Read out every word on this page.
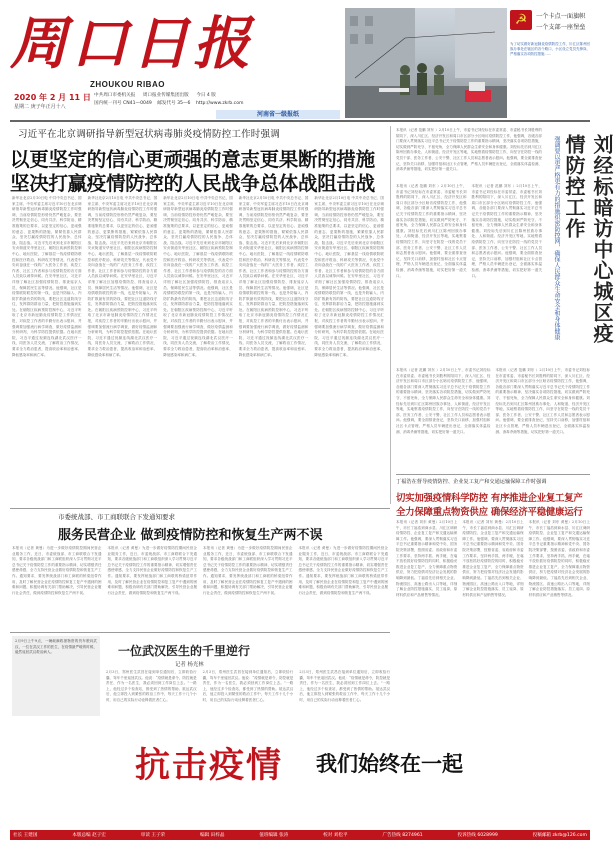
周口日报
ZHOUKOU RIBAO
2020 年 2 月 11 日
星期二 庚子年正月十八
中共周口市委机关报 周口报业传媒集团出版 今日 4 版
国内统一刊号 CN41—0049 邮发代号 35—6 http://www.zkrb.com
河南省一级报纸
☭	一个卡点一面旗帜
一个支部一座堡垒
为了切实做好新冠肺炎疫情防控工作，川汇区陈州回族办事处在辖区的各个路口、小区设立党员先锋岗，严格落实各项防控措施……
习近平在北京调研指导新型冠状病毒肺炎疫情防控工作时强调
以更坚定的信心更顽强的意志更果断的措施
坚决打赢疫情防控的人民战争总体战阻击战
新华社北京2月10日电 中共中央总书记、国家主席、中央军委主席习近平10日在北京调研指导新型冠状病毒肺炎疫情防控工作时强调，当前疫情防控形势仍然严峻复杂，要坚决贯彻坚定信心、同舟共济、科学防治、精准施策的总要求，以更坚定的信心、更顽强的意志、更果断的措施，紧紧依靠人民群众，坚决打赢疫情防控的人民战争、总体战、阻击战。习近平先后来到北京市朝阳区安贞街道安华里社区、朝阳区疾病预防控制中心、地坛医院，了解基层一线疫情联防联控和医疗救治、科研攻关等情况，代表党中央向奋战在一线的广大医务工作者、疾控工作者、社区工作者和参与疫情防控的各方面人员致以诚挚问候。在安华里社区，习近平详细了解社区加强疫情防控、排查返京人员、保障居民生活等情况。他强调，社区是疫情联防联控的第一线，也是外防输入、内防扩散最有效的防线，要把社区这道防线守住，发挥群防群治力量，把防控措施落到实处。在朝阳区疾病预防控制中心，习近平听取了北京市新冠肺炎疫情防控工作情况汇报，对疾控工作者的辛勤付出表示慰问，并强调要加强流行病学调查，做好疫情监测和分析研判，为科学防控提供依据。在地坛医院，习近平通过视频连线湖北武汉医疗一线，同医务人员交流，了解救治工作情况，要求全力救治患者，提高收治率和治愈率、降低感染率和病亡率。
新华社北京2月10日电 中共中央总书记、国家主席、中央军委主席习近平10日在北京调研指导新型冠状病毒肺炎疫情防控工作时强调，当前疫情防控形势仍然严峻复杂，要坚决贯彻坚定信心、同舟共济、科学防治、精准施策的总要求，以更坚定的信心、更顽强的意志、更果断的措施，紧紧依靠人民群众，坚决打赢疫情防控的人民战争、总体战、阻击战。习近平先后来到北京市朝阳区安贞街道安华里社区、朝阳区疾病预防控制中心、地坛医院，了解基层一线疫情联防联控和医疗救治、科研攻关等情况，代表党中央向奋战在一线的广大医务工作者、疾控工作者、社区工作者和参与疫情防控的各方面人员致以诚挚问候。在安华里社区，习近平详细了解社区加强疫情防控、排查返京人员、保障居民生活等情况。他强调，社区是疫情联防联控的第一线，也是外防输入、内防扩散最有效的防线，要把社区这道防线守住，发挥群防群治力量，把防控措施落到实处。在朝阳区疾病预防控制中心，习近平听取了北京市新冠肺炎疫情防控工作情况汇报，对疾控工作者的辛勤付出表示慰问，并强调要加强流行病学调查，做好疫情监测和分析研判，为科学防控提供依据。在地坛医院，习近平通过视频连线湖北武汉医疗一线，同医务人员交流，了解救治工作情况，要求全力救治患者，提高收治率和治愈率、降低感染率和病亡率。
新华社北京2月10日电 中共中央总书记、国家主席、中央军委主席习近平10日在北京调研指导新型冠状病毒肺炎疫情防控工作时强调，当前疫情防控形势仍然严峻复杂，要坚决贯彻坚定信心、同舟共济、科学防治、精准施策的总要求，以更坚定的信心、更顽强的意志、更果断的措施，紧紧依靠人民群众，坚决打赢疫情防控的人民战争、总体战、阻击战。习近平先后来到北京市朝阳区安贞街道安华里社区、朝阳区疾病预防控制中心、地坛医院，了解基层一线疫情联防联控和医疗救治、科研攻关等情况，代表党中央向奋战在一线的广大医务工作者、疾控工作者、社区工作者和参与疫情防控的各方面人员致以诚挚问候。在安华里社区，习近平详细了解社区加强疫情防控、排查返京人员、保障居民生活等情况。他强调，社区是疫情联防联控的第一线，也是外防输入、内防扩散最有效的防线，要把社区这道防线守住，发挥群防群治力量，把防控措施落到实处。在朝阳区疾病预防控制中心，习近平听取了北京市新冠肺炎疫情防控工作情况汇报，对疾控工作者的辛勤付出表示慰问，并强调要加强流行病学调查，做好疫情监测和分析研判，为科学防控提供依据。在地坛医院，习近平通过视频连线湖北武汉医疗一线，同医务人员交流，了解救治工作情况，要求全力救治患者，提高收治率和治愈率、降低感染率和病亡率。
新华社北京2月10日电 中共中央总书记、国家主席、中央军委主席习近平10日在北京调研指导新型冠状病毒肺炎疫情防控工作时强调，当前疫情防控形势仍然严峻复杂，要坚决贯彻坚定信心、同舟共济、科学防治、精准施策的总要求，以更坚定的信心、更顽强的意志、更果断的措施，紧紧依靠人民群众，坚决打赢疫情防控的人民战争、总体战、阻击战。习近平先后来到北京市朝阳区安贞街道安华里社区、朝阳区疾病预防控制中心、地坛医院，了解基层一线疫情联防联控和医疗救治、科研攻关等情况，代表党中央向奋战在一线的广大医务工作者、疾控工作者、社区工作者和参与疫情防控的各方面人员致以诚挚问候。在安华里社区，习近平详细了解社区加强疫情防控、排查返京人员、保障居民生活等情况。他强调，社区是疫情联防联控的第一线，也是外防输入、内防扩散最有效的防线，要把社区这道防线守住，发挥群防群治力量，把防控措施落到实处。在朝阳区疾病预防控制中心，习近平听取了北京市新冠肺炎疫情防控工作情况汇报，对疾控工作者的辛勤付出表示慰问，并强调要加强流行病学调查，做好疫情监测和分析研判，为科学防控提供依据。在地坛医院，习近平通过视频连线湖北武汉医疗一线，同医务人员交流，了解救治工作情况，要求全力救治患者，提高收治率和治愈率、降低感染率和病亡率。
新华社北京2月10日电 中共中央总书记、国家主席、中央军委主席习近平10日在北京调研指导新型冠状病毒肺炎疫情防控工作时强调，当前疫情防控形势仍然严峻复杂，要坚决贯彻坚定信心、同舟共济、科学防治、精准施策的总要求，以更坚定的信心、更顽强的意志、更果断的措施，紧紧依靠人民群众，坚决打赢疫情防控的人民战争、总体战、阻击战。习近平先后来到北京市朝阳区安贞街道安华里社区、朝阳区疾病预防控制中心、地坛医院，了解基层一线疫情联防联控和医疗救治、科研攻关等情况，代表党中央向奋战在一线的广大医务工作者、疾控工作者、社区工作者和参与疫情防控的各方面人员致以诚挚问候。在安华里社区，习近平详细了解社区加强疫情防控、排查返京人员、保障居民生活等情况。他强调，社区是疫情联防联控的第一线，也是外防输入、内防扩散最有效的防线，要把社区这道防线守住，发挥群防群治力量，把防控措施落到实处。在朝阳区疾病预防控制中心，习近平听取了北京市新冠肺炎疫情防控工作情况汇报，对疾控工作者的辛勤付出表示慰问，并强调要加强流行病学调查，做好疫情监测和分析研判，为科学防控提供依据。在地坛医院，习近平通过视频连线湖北武汉医疗一线，同医务人员交流，了解救治工作情况，要求全力救治患者，提高收治率和治愈率、降低感染率和病亡率。
本报讯（记者 范鹏 刘东 ）2月10日上午，市委书记刘经标在市委常委、市委秘书长刘胜利的陪同下，深入川汇区、经济开发区和周口市区部分小区暗访疫情防控工作，他强调，各级各部门要深入贯彻落实习近平总书记关于疫情防控工作的重要指示精神，坚决落实各项防控措施，切实做到严防死守、不留死角，全力保障人民群众生命安全和身体健康。刘经标先后到川汇区陈州回族办事处、人和街道、经济开发区等地，实地察看疫情防控工作，向坚守在防控一线的党员干部、医务工作者、公安干警、社区工作人员和志愿者表示慰问。他强调，要全面排查登记，坚持关口前移，加强村组和社区卡点管理，严格人员车辆进出登记，全面落实体温检测、消毒杀菌等措施，切实把好第一道关口。	刘经标暗访中心城区疫情防控工作
强调要以更严格更有力的措施织密防控网，确保人民群众生命安全和身体健康
本报讯（记者 范鹏 刘东 ）2月10日上午，市委书记刘经标在市委常委、市委秘书长刘胜利的陪同下，深入川汇区、经济开发区和周口市区部分小区暗访疫情防控工作，他强调，各级各部门要深入贯彻落实习近平总书记关于疫情防控工作的重要指示精神，坚决落实各项防控措施，切实做到严防死守、不留死角，全力保障人民群众生命安全和身体健康。刘经标先后到川汇区陈州回族办事处、人和街道、经济开发区等地，实地察看疫情防控工作，向坚守在防控一线的党员干部、医务工作者、公安干警、社区工作人员和志愿者表示慰问。他强调，要全面排查登记，坚持关口前移，加强村组和社区卡点管理，严格人员车辆进出登记，全面落实体温检测、消毒杀菌等措施，切实把好第一道关口。
本报讯（记者 范鹏 刘东 ）2月10日上午，市委书记刘经标在市委常委、市委秘书长刘胜利的陪同下，深入川汇区、经济开发区和周口市区部分小区暗访疫情防控工作，他强调，各级各部门要深入贯彻落实习近平总书记关于疫情防控工作的重要指示精神，坚决落实各项防控措施，切实做到严防死守、不留死角，全力保障人民群众生命安全和身体健康。刘经标先后到川汇区陈州回族办事处、人和街道、经济开发区等地，实地察看疫情防控工作，向坚守在防控一线的党员干部、医务工作者、公安干警、社区工作人员和志愿者表示慰问。他强调，要全面排查登记，坚持关口前移，加强村组和社区卡点管理，严格人员车辆进出登记，全面落实体温检测、消毒杀菌等措施，切实把好第一道关口。
本报讯（记者 范鹏 刘东 ）2月10日上午，市委书记刘经标在市委常委、市委秘书长刘胜利的陪同下，深入川汇区、经济开发区和周口市区部分小区暗访疫情防控工作，他强调，各级各部门要深入贯彻落实习近平总书记关于疫情防控工作的重要指示精神，坚决落实各项防控措施，切实做到严防死守、不留死角，全力保障人民群众生命安全和身体健康。刘经标先后到川汇区陈州回族办事处、人和街道、经济开发区等地，实地察看疫情防控工作，向坚守在防控一线的党员干部、医务工作者、公安干警、社区工作人员和志愿者表示慰问。他强调，要全面排查登记，坚持关口前移，加强村组和社区卡点管理，严格人员车辆进出登记，全面落实体温检测、消毒杀菌等措施，切实把好第一道关口。
本报讯（记者 范鹏 刘东 ）2月10日上午，市委书记刘经标在市委常委、市委秘书长刘胜利的陪同下，深入川汇区、经济开发区和周口市区部分小区暗访疫情防控工作，他强调，各级各部门要深入贯彻落实习近平总书记关于疫情防控工作的重要指示精神，坚决落实各项防控措施，切实做到严防死守、不留死角，全力保障人民群众生命安全和身体健康。刘经标先后到川汇区陈州回族办事处、人和街道、经济开发区等地，实地察看疫情防控工作，向坚守在防控一线的党员干部、医务工作者、公安干警、社区工作人员和志愿者表示慰问。他强调，要全面排查登记，坚持关口前移，加强村组和社区卡点管理，严格人员车辆进出登记，全面落实体温检测、消毒杀菌等措施，切实把好第一道关口。
丁福浩在督导疫情防控、企业复工复产和交通运输保障工作时强调
切实加强疫情科学防控 有序推进企业复工复产
全力保障重点物资供应 确保经济平稳健康运行
本报讯（记者 刘东 黄曼）2月10日上午，市长丁福浩到商水县、川汇区调研疫情防控、企业复工复产和交通运输保障工作。他强调，要深入贯彻落实习近平总书记重要指示精神和党中央、国务院决策部署，按照省委、省政府和市委工作要求，坚持两手抓、两手硬，在毫不放松抓好疫情防控的同时，积极稳妥推进企业复工复产，全力保障重点物资供应，努力把疫情对经济社会发展的影响降到最低。丁福浩先后到相关企业、物流园区、高速公路出入口等地，详细了解企业防控措施落实、员工返岗、原材料供应和产品销售等情况。
本报讯（记者 刘东 黄曼）2月10日上午，市长丁福浩到商水县、川汇区调研疫情防控、企业复工复产和交通运输保障工作。他强调，要深入贯彻落实习近平总书记重要指示精神和党中央、国务院决策部署，按照省委、省政府和市委工作要求，坚持两手抓、两手硬，在毫不放松抓好疫情防控的同时，积极稳妥推进企业复工复产，全力保障重点物资供应，努力把疫情对经济社会发展的影响降到最低。丁福浩先后到相关企业、物流园区、高速公路出入口等地，详细了解企业防控措施落实、员工返岗、原材料供应和产品销售等情况。
本报讯（记者 刘东 黄曼）2月10日上午，市长丁福浩到商水县、川汇区调研疫情防控、企业复工复产和交通运输保障工作。他强调，要深入贯彻落实习近平总书记重要指示精神和党中央、国务院决策部署，按照省委、省政府和市委工作要求，坚持两手抓、两手硬，在毫不放松抓好疫情防控的同时，积极稳妥推进企业复工复产，全力保障重点物资供应，努力把疫情对经济社会发展的影响降到最低。丁福浩先后到相关企业、物流园区、高速公路出入口等地，详细了解企业防控措施落实、员工返岗、原材料供应和产品销售等情况。
市委统战部、市工商联联合下发通知要求
服务民营企业 做到疫情防控和恢复生产两不误
本报讯（记者 黄曼）为进一步做好疫情防控期间民营企业服务工作，近日，市委统战部、市工商联联合下发通知，要求各级统战部门和工商联组织深入学习贯彻习近平总书记关于疫情防控工作的重要指示精神，切实增强责任感使命感，全力支持民营企业做好疫情防控和恢复生产工作。通知要求，要发挥统战部门和工商联的桥梁纽带作用，及时了解民营企业在疫情防控和复工复产中遇到的困难和问题，积极协调有关部门帮助解决，引导民营企业履行社会责任，做到疫情防控和恢复生产两不误。
本报讯（记者 黄曼）为进一步做好疫情防控期间民营企业服务工作，近日，市委统战部、市工商联联合下发通知，要求各级统战部门和工商联组织深入学习贯彻习近平总书记关于疫情防控工作的重要指示精神，切实增强责任感使命感，全力支持民营企业做好疫情防控和恢复生产工作。通知要求，要发挥统战部门和工商联的桥梁纽带作用，及时了解民营企业在疫情防控和复工复产中遇到的困难和问题，积极协调有关部门帮助解决，引导民营企业履行社会责任，做到疫情防控和恢复生产两不误。
本报讯（记者 黄曼）为进一步做好疫情防控期间民营企业服务工作，近日，市委统战部、市工商联联合下发通知，要求各级统战部门和工商联组织深入学习贯彻习近平总书记关于疫情防控工作的重要指示精神，切实增强责任感使命感，全力支持民营企业做好疫情防控和恢复生产工作。通知要求，要发挥统战部门和工商联的桥梁纽带作用，及时了解民营企业在疫情防控和复工复产中遇到的困难和问题，积极协调有关部门帮助解决，引导民营企业履行社会责任，做到疫情防控和恢复生产两不误。
本报讯（记者 黄曼）为进一步做好疫情防控期间民营企业服务工作，近日，市委统战部、市工商联联合下发通知，要求各级统战部门和工商联组织深入学习贯彻习近平总书记关于疫情防控工作的重要指示精神，切实增强责任感使命感，全力支持民营企业做好疫情防控和恢复生产工作。通知要求，要发挥统战部门和工商联的桥梁纽带作用，及时了解民营企业在疫情防控和复工复产中遇到的困难和问题，积极协调有关部门帮助解决，引导民营企业履行社会责任，做到疫情防控和恢复生产两不误。
2月9日上午9点，一辆载满救援物资的货车驶向武汉，一位在武汉工作的医生，在疫情最严峻的时候，毅然返回武汉救治病人。	一位武汉医生的千里逆行
记者 杨光林
2月3日，郑州医生武昌在接到单位通知后，立即收拾行囊，驾车千里返回武汉。他说：“疫情就是命令，防控就是责任，作为一名医生，我必须回到工作岗位上去。”一路上，他经过多个检查站，都受到了热情的帮助。抵达武汉后，他立即投入到紧张的救治工作中，每天工作十几个小时，用自己的实际行动诠释着医者仁心。
2月3日，郑州医生武昌在接到单位通知后，立即收拾行囊，驾车千里返回武汉。他说：“疫情就是命令，防控就是责任，作为一名医生，我必须回到工作岗位上去。”一路上，他经过多个检查站，都受到了热情的帮助。抵达武汉后，他立即投入到紧张的救治工作中，每天工作十几个小时，用自己的实际行动诠释着医者仁心。
2月3日，郑州医生武昌在接到单位通知后，立即收拾行囊，驾车千里返回武汉。他说：“疫情就是命令，防控就是责任，作为一名医生，我必须回到工作岗位上去。”一路上，他经过多个检查站，都受到了热情的帮助。抵达武汉后，他立即投入到紧张的救治工作中，每天工作十几个小时，用自己的实际行动诠释着医者仁心。
抗击疫情 我们始终在一起
社长 王建国	本版总编 赵子宏	审读 王子荣	编辑 田梓晶	值班编辑 张涛	校对 刘松平	广告热线 8274961	投诉热线 6028999	投稿邮箱 zkrb@126.com
